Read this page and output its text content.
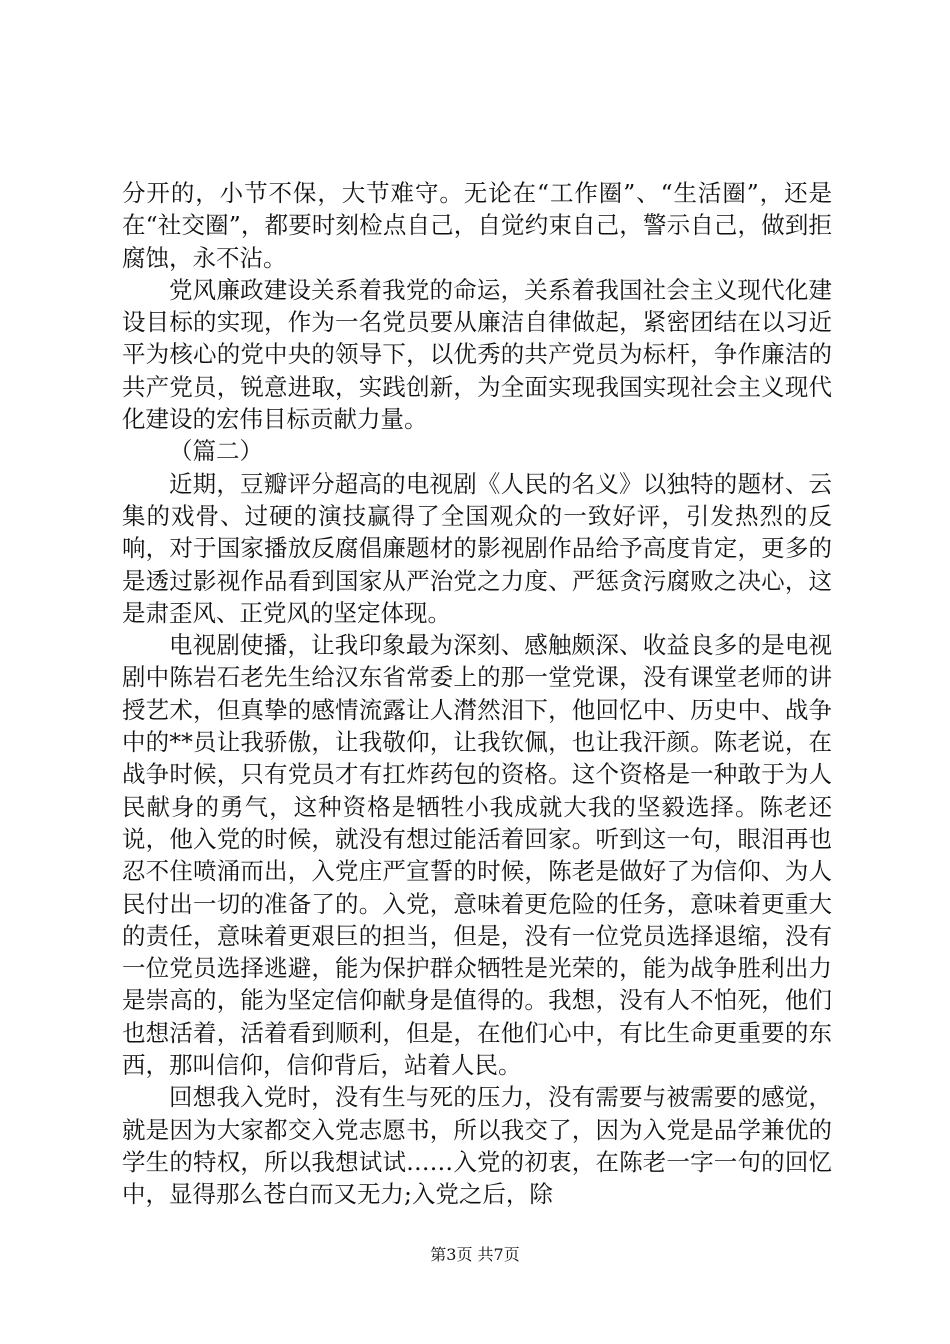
分开的，小节不保，大节难守。无论在“工作圈”、“生活圈”，还是在“社交圈”，都要时刻检点自己，自觉约束自己，警示自己，做到拒腐蚀，永不沾。

党风廉政建设关系着我党的命运，关系着我国社会主义现代化建设目标的实现，作为一名党员要从廉洁自律做起，紧密团结在以习近平为核心的党中央的领导下，以优秀的共产党员为标杆，争作廉洁的共产党员，锐意进取，实践创新，为全面实现我国实现社会主义现代化建设的宏伟目标贡献力量。

（篇二）

近期，豆瓣评分超高的电视剧《人民的名义》以独特的题材、云集的戏骨、过硬的演技赢得了全国观众的一致好评，引发热烈的反响，对于国家播放反腐倡廉题材的影视剧作品给予高度肯定，更多的是透过影视作品看到国家从严治党之力度、严惩贪污腐败之决心，这是肃歪风、正党风的坚定体现。

电视剧使播，让我印象最为深刻、感触颇深、收益良多的是电视剧中陈岩石老先生给汉东省常委上的那一堂党课，没有课堂老师的讲授艺术，但真挚的感情流露让人潸然泪下，他回忆中、历史中、战争中的**员让我骄傲，让我敬仰，让我钦佩，也让我汗颜。陈老说，在战争时候，只有党员才有扛炸药包的资格。这个资格是一种敢于为人民献身的勇气，这种资格是牺牲小我成就大我的坚毅选择。陈老还说，他入党的时候，就没有想过能活着回家。听到这一句，眼泪再也忍不住喷涌而出，入党庄严宣誓的时候，陈老是做好了为信仰、为人民付出一切的准备了的。入党，意味着更危险的任务，意味着更重大的责任，意味着更艰巨的担当，但是，没有一位党员选择退缩，没有一位党员选择逃避，能为保护群众牺牲是光荣的，能为战争胜利出力是崇高的，能为坚定信仰献身是值得的。我想，没有人不怕死，他们也想活着，活着看到顺利，但是，在他们心中，有比生命更重要的东西，那叫信仰，信仰背后，站着人民。

回想我入党时，没有生与死的压力，没有需要与被需要的感觉，就是因为大家都交入党志愿书，所以我交了，因为入党是品学兼优的学生的特权，所以我想试试……入党的初衷，在陈老一字一句的回忆中，显得那么苍白而又无力;入党之后，除

第3页 共7页
